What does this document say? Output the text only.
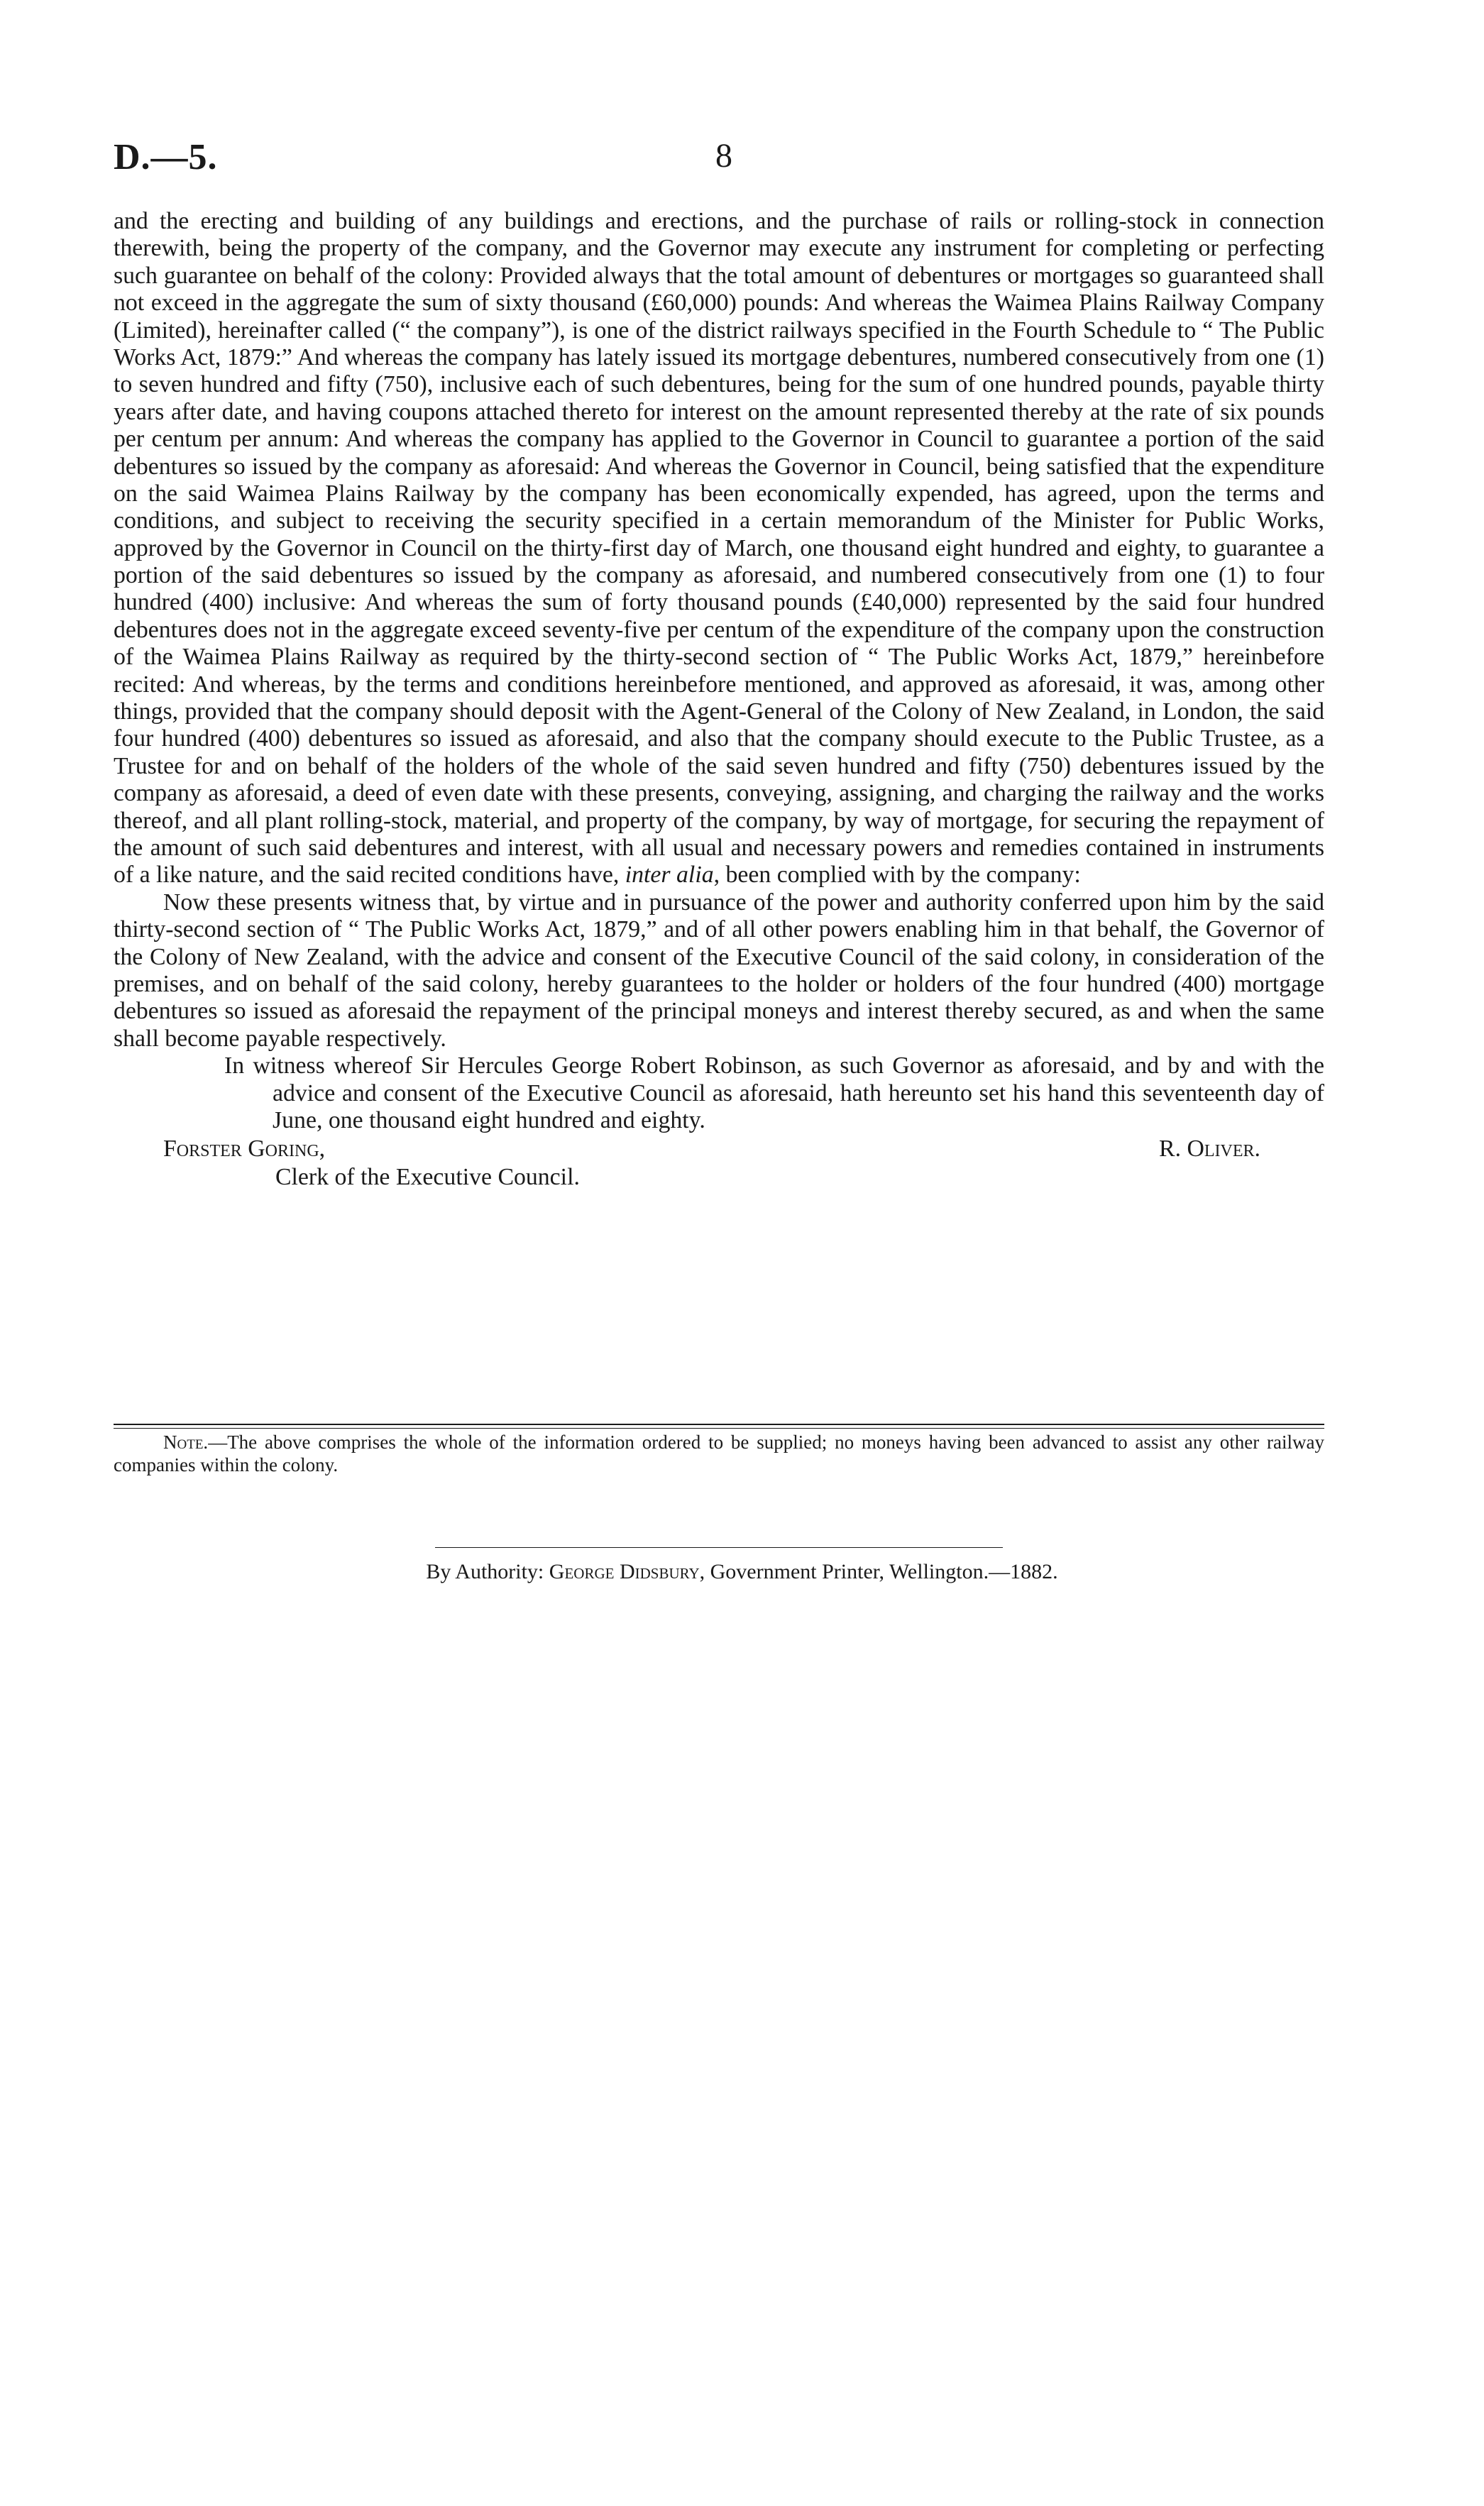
D.—5.	8

and the erecting and building of any buildings and erections, and the purchase of rails or rolling-stock in connection therewith, being the property of the company, and the Governor may execute any instrument for completing or perfecting such guarantee on behalf of the colony: Provided always that the total amount of debentures or mortgages so guaranteed shall not exceed in the aggregate the sum of sixty thousand (£60,000) pounds: And whereas the Waimea Plains Railway Company (Limited), hereinafter called (“ the company”), is one of the district railways specified in the Fourth Schedule to “ The Public Works Act, 1879:” And whereas the company has lately issued its mortgage debentures, numbered consecutively from one (1) to seven hundred and fifty (750), inclusive each of such debentures, being for the sum of one hundred pounds, payable thirty years after date, and having coupons attached thereto for interest on the amount represented thereby at the rate of six pounds per centum per annum: And whereas the company has applied to the Governor in Council to guarantee a portion of the said debentures so issued by the company as aforesaid: And whereas the Governor in Council, being satisfied that the expenditure on the said Waimea Plains Railway by the company has been economically expended, has agreed, upon the terms and conditions, and subject to receiving the security specified in a certain memorandum of the Minister for Public Works, approved by the Governor in Council on the thirty-first day of March, one thousand eight hundred and eighty, to guarantee a portion of the said debentures so issued by the company as aforesaid, and numbered consecutively from one (1) to four hundred (400) inclusive: And whereas the sum of forty thousand pounds (£40,000) represented by the said four hundred debentures does not in the aggregate exceed seventy-five per centum of the expenditure of the company upon the construction of the Waimea Plains Railway as required by the thirty-second section of “ The Public Works Act, 1879,” hereinbefore recited: And whereas, by the terms and conditions hereinbefore mentioned, and approved as aforesaid, it was, among other things, provided that the company should deposit with the Agent-General of the Colony of New Zealand, in London, the said four hundred (400) debentures so issued as aforesaid, and also that the company should execute to the Public Trustee, as a Trustee for and on behalf of the holders of the whole of the said seven hundred and fifty (750) debentures issued by the company as aforesaid, a deed of even date with these presents, conveying, assigning, and charging the railway and the works thereof, and all plant rolling-stock, material, and property of the company, by way of mortgage, for securing the repayment of the amount of such said debentures and interest, with all usual and necessary powers and remedies contained in instruments of a like nature, and the said recited conditions have, inter alia, been complied with by the company:

Now these presents witness that, by virtue and in pursuance of the power and authority conferred upon him by the said thirty-second section of “ The Public Works Act, 1879,” and of all other powers enabling him in that behalf, the Governor of the Colony of New Zealand, with the advice and consent of the Executive Council of the said colony, in consideration of the premises, and on behalf of the said colony, hereby guarantees to the holder or holders of the four hundred (400) mortgage debentures so issued as aforesaid the repayment of the principal moneys and interest thereby secured, as and when the same shall become payable respectively.

In witness whereof Sir Hercules George Robert Robinson, as such Governor as aforesaid, and by and with the advice and consent of the Executive Council as aforesaid, hath hereunto set his hand this seventeenth day of June, one thousand eight hundred and eighty.

Forster Goring,	R. Oliver.
Clerk of the Executive Council.
Note.—The above comprises the whole of the information ordered to be supplied; no moneys having been advanced to assist any other railway companies within the colony.
By Authority: George Didsbury, Government Printer, Wellington.—1882.
